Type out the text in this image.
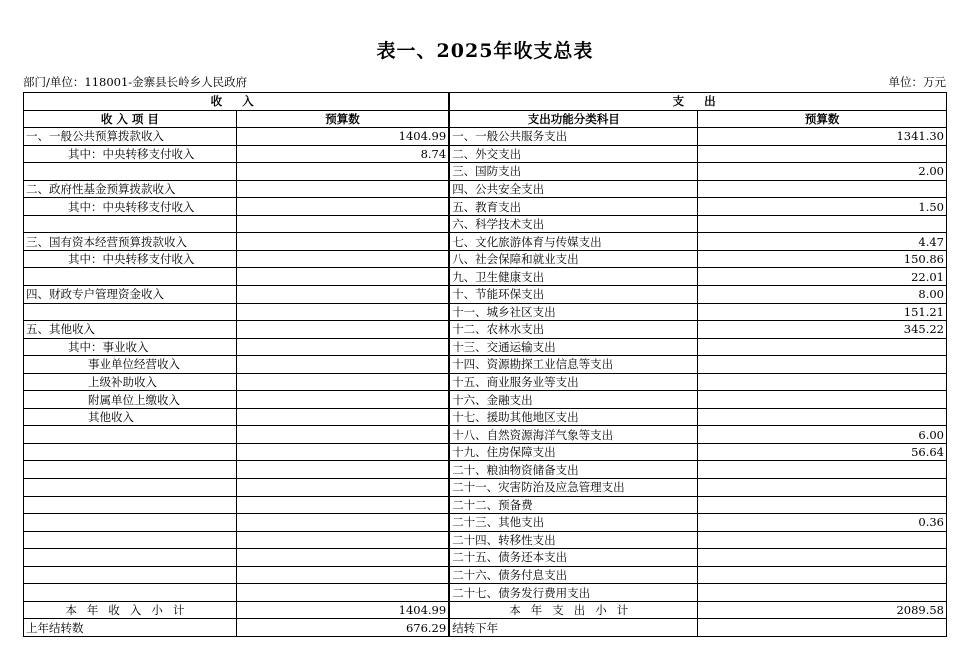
表一、2025年收支总表
部门/单位：118001-金寨县长岭乡人民政府	单位：万元
收 入		支 出	
收 入 项 目	预算数	支出功能分类科目	预算数
一、一般公共预算拨款收入	1404.99	一、一般公共服务支出	1341.30
其中：中央转移支付收入	8.74	二、外交支出	
		三、国防支出	2.00
二、政府性基金预算拨款收入		四、公共安全支出	
其中：中央转移支付收入		五、教育支出	1.50
		六、科学技术支出	
三、国有资本经营预算拨款收入		七、文化旅游体育与传媒支出	4.47
其中：中央转移支付收入		八、社会保障和就业支出	150.86
		九、卫生健康支出	22.01
四、财政专户管理资金收入		十、节能环保支出	8.00
		十一、城乡社区支出	151.21
五、其他收入		十二、农林水支出	345.22
其中：事业收入		十三、交通运输支出	
事业单位经营收入		十四、资源勘探工业信息等支出	
上级补助收入		十五、商业服务业等支出	
附属单位上缴收入		十六、金融支出	
其他收入		十七、援助其他地区支出	
		十八、自然资源海洋气象等支出	6.00
		十九、住房保障支出	56.64
		二十、粮油物资储备支出	
		二十一、灾害防治及应急管理支出	
		二十二、预备费	
		二十三、其他支出	0.36
		二十四、转移性支出	
		二十五、债务还本支出	
		二十六、债务付息支出	
		二十七、债务发行费用支出	
本年收入小计	1404.99	本年支出小计	2089.58
上年结转数	676.29	结转下年	
